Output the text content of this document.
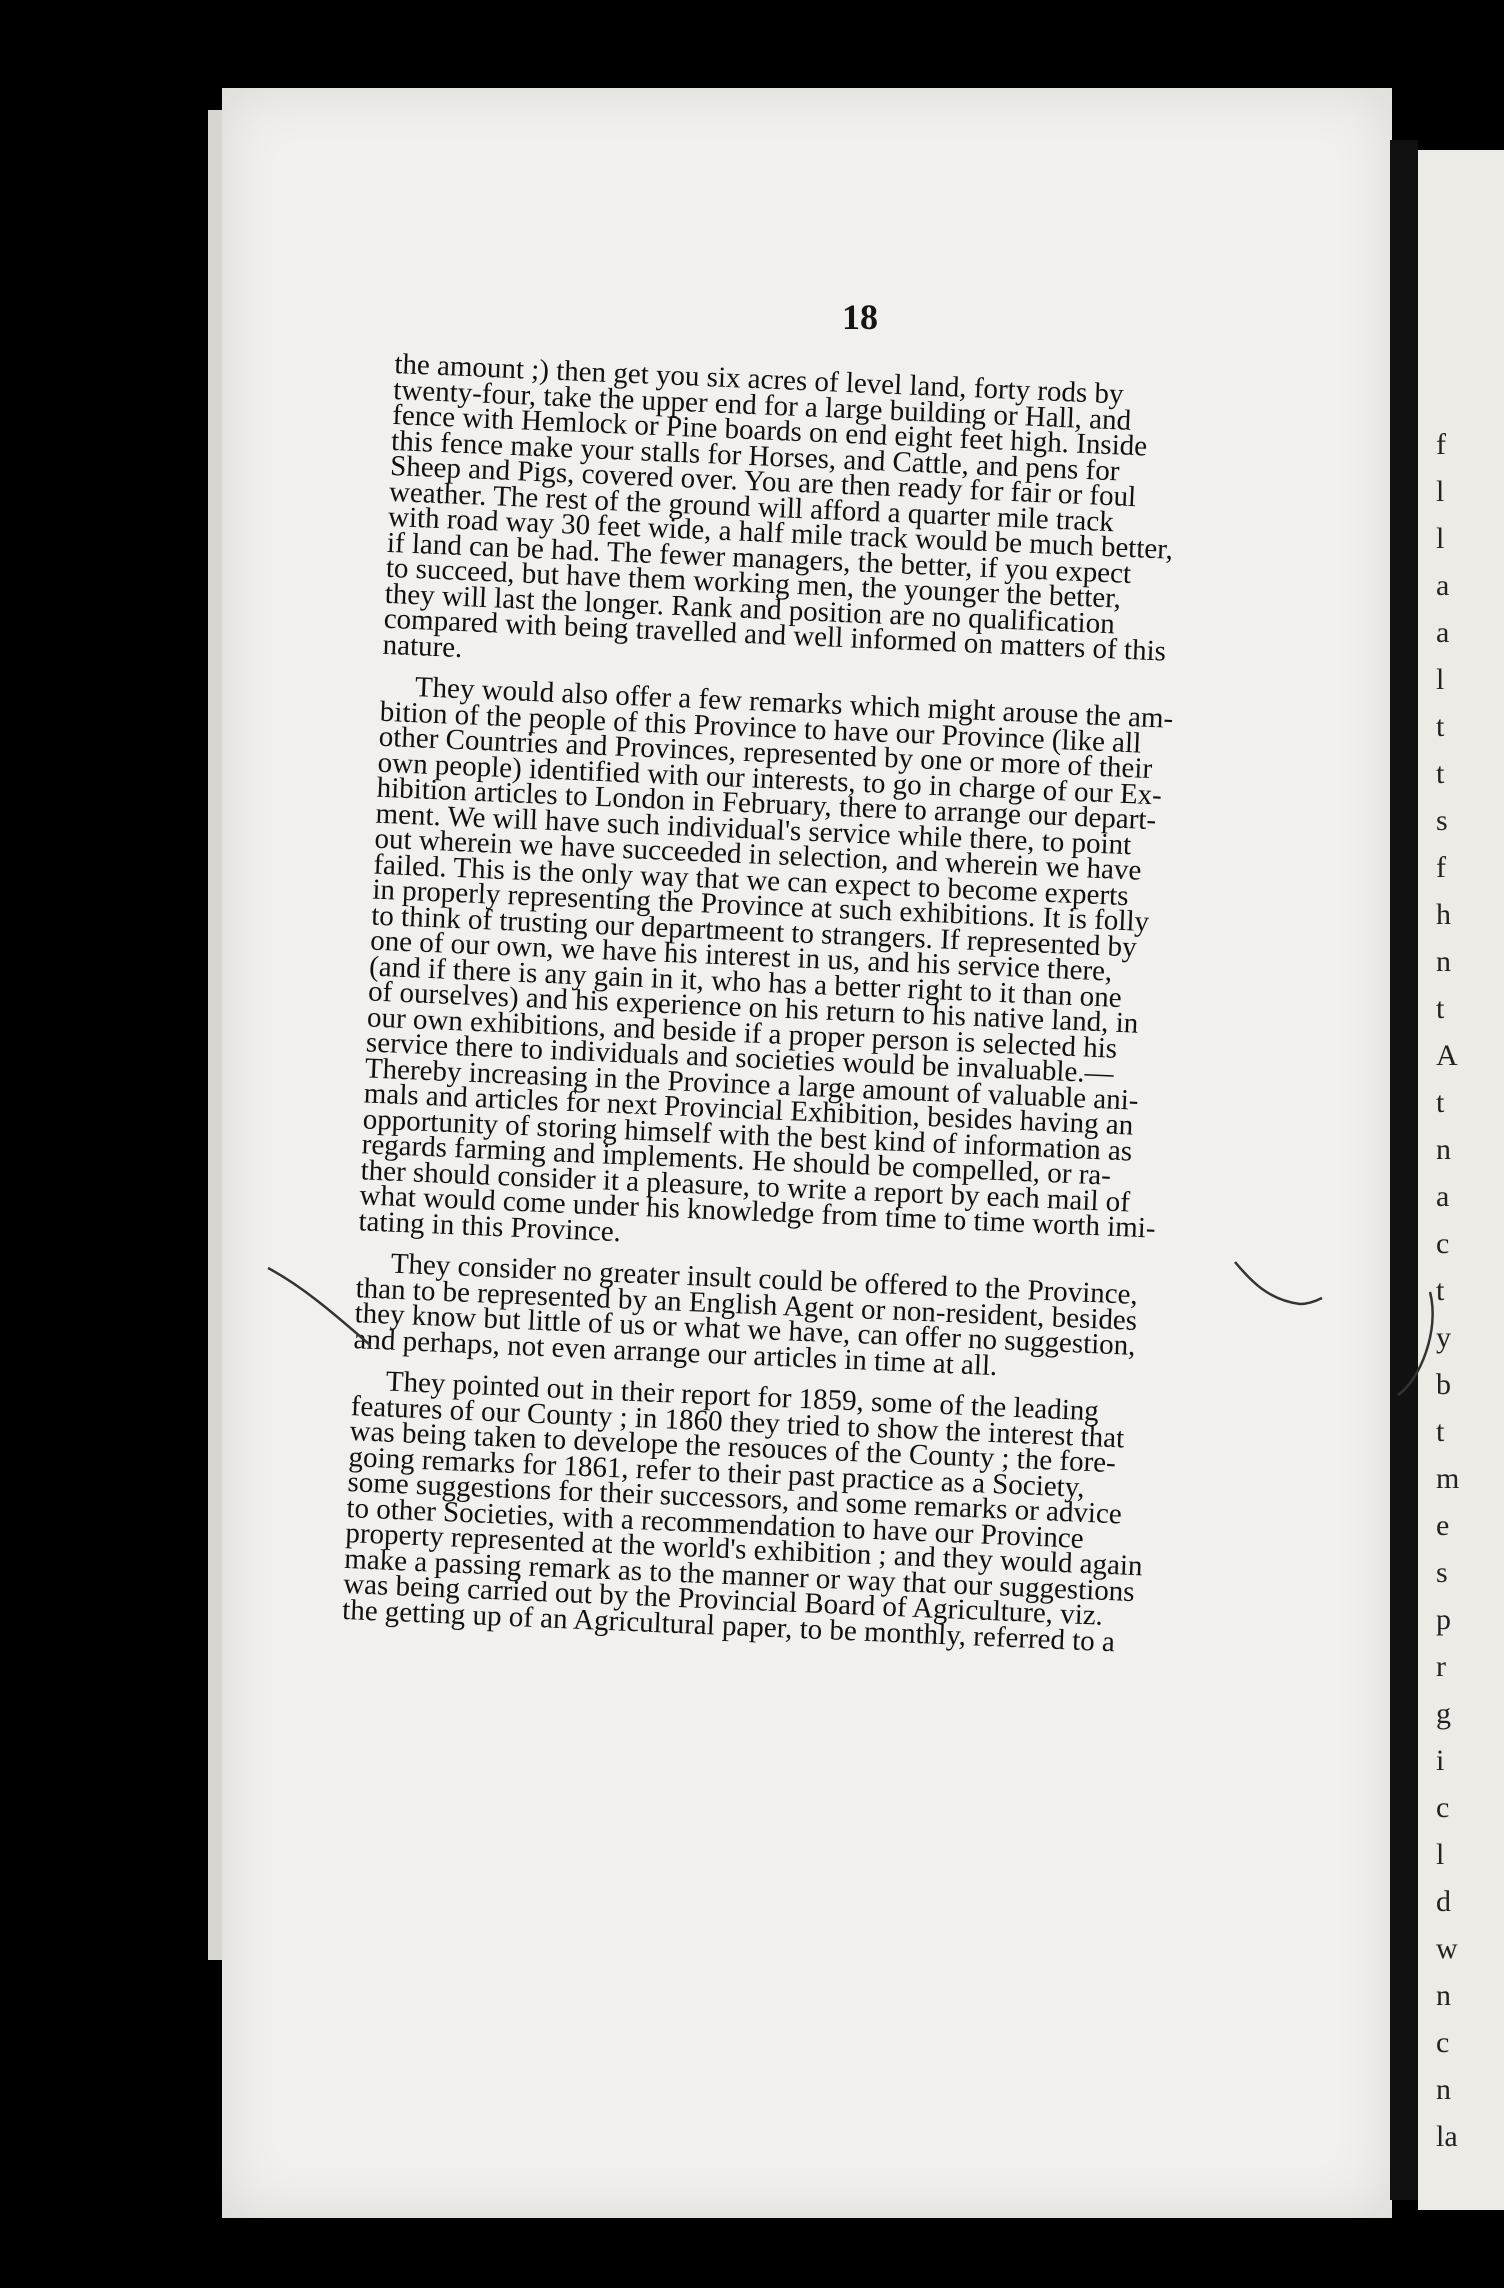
f
l
l
a
a
l
t
t
s
f
h
n
t
A
t
n
a
c
t
y
b
t
m
e
s
p
r
g
i
c
l
d
w
n
c
n
la
18

the amount ;) then get you six acres of level land, forty rods by
twenty-four, take the upper end for a large building or Hall, and
fence with Hemlock or Pine boards on end eight feet high. Inside
this fence make your stalls for Horses, and Cattle, and pens for
Sheep and Pigs, covered over. You are then ready for fair or foul
weather. The rest of the ground will afford a quarter mile track
with road way 30 feet wide, a half mile track would be much better,
if land can be had. The fewer managers, the better, if you expect
to succeed, but have them working men, the younger the better,
they will last the longer. Rank and position are no qualification
compared with being travelled and well informed on matters of this
nature.

They would also offer a few remarks which might arouse the am-
bition of the people of this Province to have our Province (like all
other Countries and Provinces, represented by one or more of their
own people) identified with our interests, to go in charge of our Ex-
hibition articles to London in February, there to arrange our depart-
ment. We will have such individual's service while there, to point
out wherein we have succeeded in selection, and wherein we have
failed. This is the only way that we can expect to become experts
in properly representing the Province at such exhibitions. It is folly
to think of trusting our departmeent to strangers. If represented by
one of our own, we have his interest in us, and his service there,
(and if there is any gain in it, who has a better right to it than one
of ourselves) and his experience on his return to his native land, in
our own exhibitions, and beside if a proper person is selected his
service there to individuals and societies would be invaluable.—
Thereby increasing in the Province a large amount of valuable ani-
mals and articles for next Provincial Exhibition, besides having an
opportunity of storing himself with the best kind of information as
regards farming and implements. He should be compelled, or ra-
ther should consider it a pleasure, to write a report by each mail of
what would come under his knowledge from time to time worth imi-
tating in this Province.

They consider no greater insult could be offered to the Province,
than to be represented by an English Agent or non-resident, besides
they know but little of us or what we have, can offer no suggestion,
and perhaps, not even arrange our articles in time at all.

They pointed out in their report for 1859, some of the leading
features of our County ; in 1860 they tried to show the interest that
was being taken to develope the resouces of the County ; the fore-
going remarks for 1861, refer to their past practice as a Society,
some suggestions for their successors, and some remarks or advice
to other Societies, with a recommendation to have our Province
property represented at the world's exhibition ; and they would again
make a passing remark as to the manner or way that our suggestions
was being carried out by the Provincial Board of Agriculture, viz.
the getting up of an Agricultural paper, to be monthly, referred to a
